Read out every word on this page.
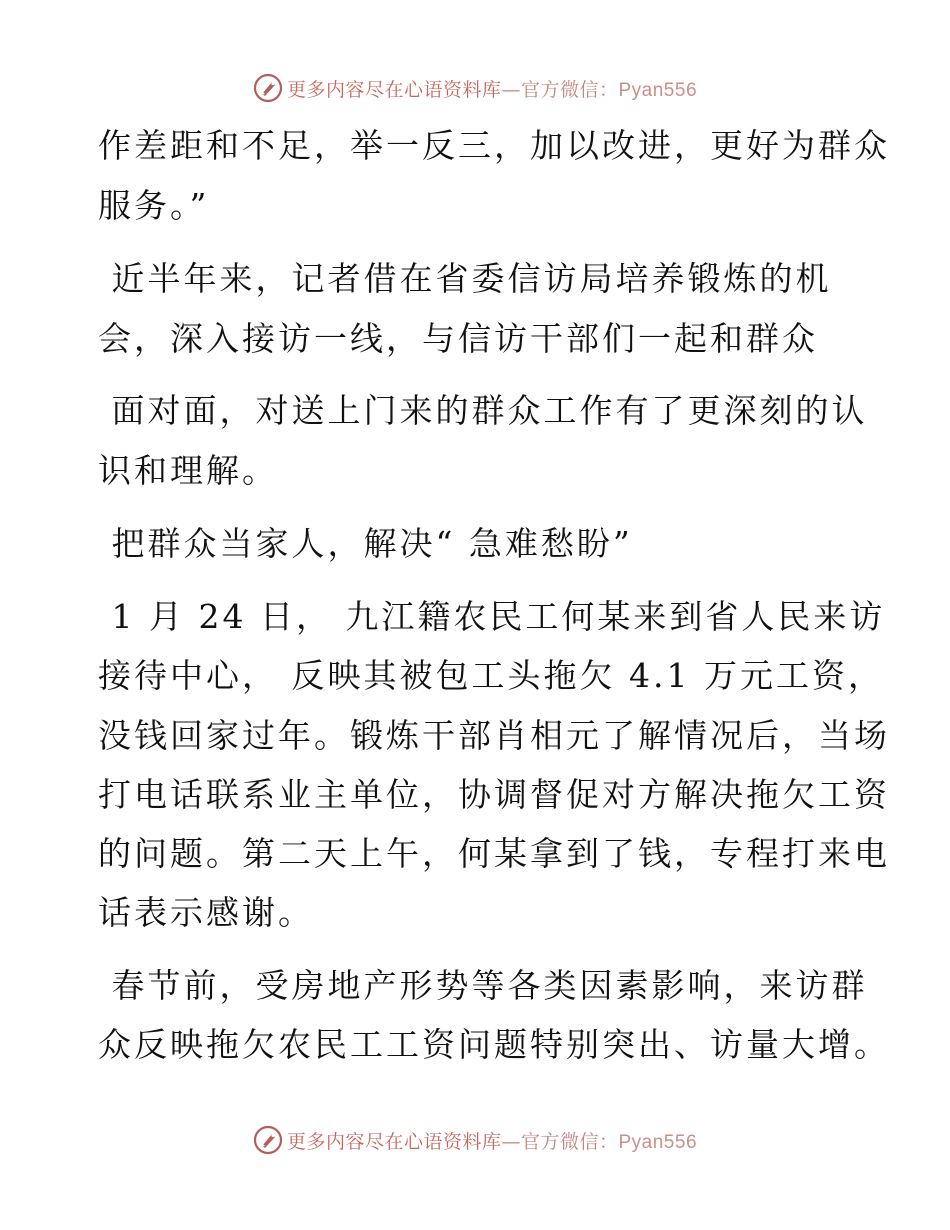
更多内容尽在心语资料库—官方微信：Pyan556
作差距和不足，举一反三，加以改进，更好为群众
服务。”
近半年来，记者借在省委信访局培养锻炼的机
会，深入接访一线，与信访干部们一起和群众
面对面，对送上门来的群众工作有了更深刻的认
识和理解。
把群众当家人，解决“ 急难愁盼”
1 月 24 日， 九江籍农民工何某来到省人民来访
接待中心， 反映其被包工头拖欠 4.1 万元工资，
没钱回家过年。锻炼干部肖相元了解情况后，当场
打电话联系业主单位，协调督促对方解决拖欠工资
的问题。第二天上午，何某拿到了钱，专程打来电
话表示感谢。
春节前，受房地产形势等各类因素影响，来访群
众反映拖欠农民工工资问题特别突出、访量大增。
更多内容尽在心语资料库—官方微信：Pyan556
